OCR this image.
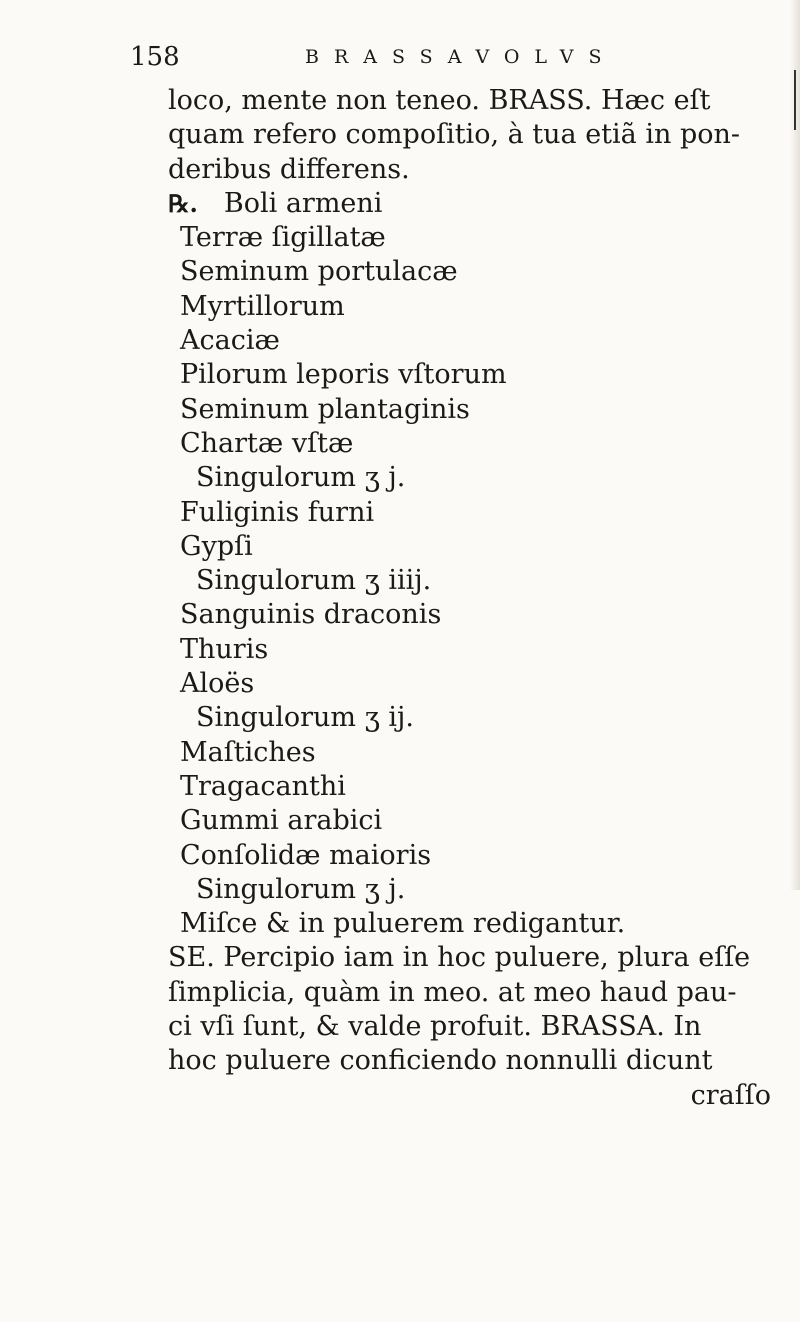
158	BRASSAVOLVS
loco, mente non teneo. BRASS. Hæc eſt
quam refero compoſitio, à tua etiã in pon-
deribus differens.
℞. Boli armeni
Terræ ſigillatæ
Seminum portulacæ
Myrtillorum
Acaciæ
Pilorum leporis vſtorum
Seminum plantaginis
Chartæ vſtæ
Singulorum ʒ j.
Fuliginis furni
Gypſi
Singulorum ʒ iiij.
Sanguinis draconis
Thuris
Aloës
Singulorum ʒ ij.
Maſtiches
Tragacanthi
Gummi arabici
Conſolidæ maioris
Singulorum ʒ j.
Miſce & in puluerem redigantur.
SE. Percipio iam in hoc puluere, plura eſſe
ſimplicia, quàm in meo. at meo haud pau-
ci vſi ſunt, & valde profuit. BRASSA. In
hoc puluere conficiendo nonnulli dicunt
craſſo
